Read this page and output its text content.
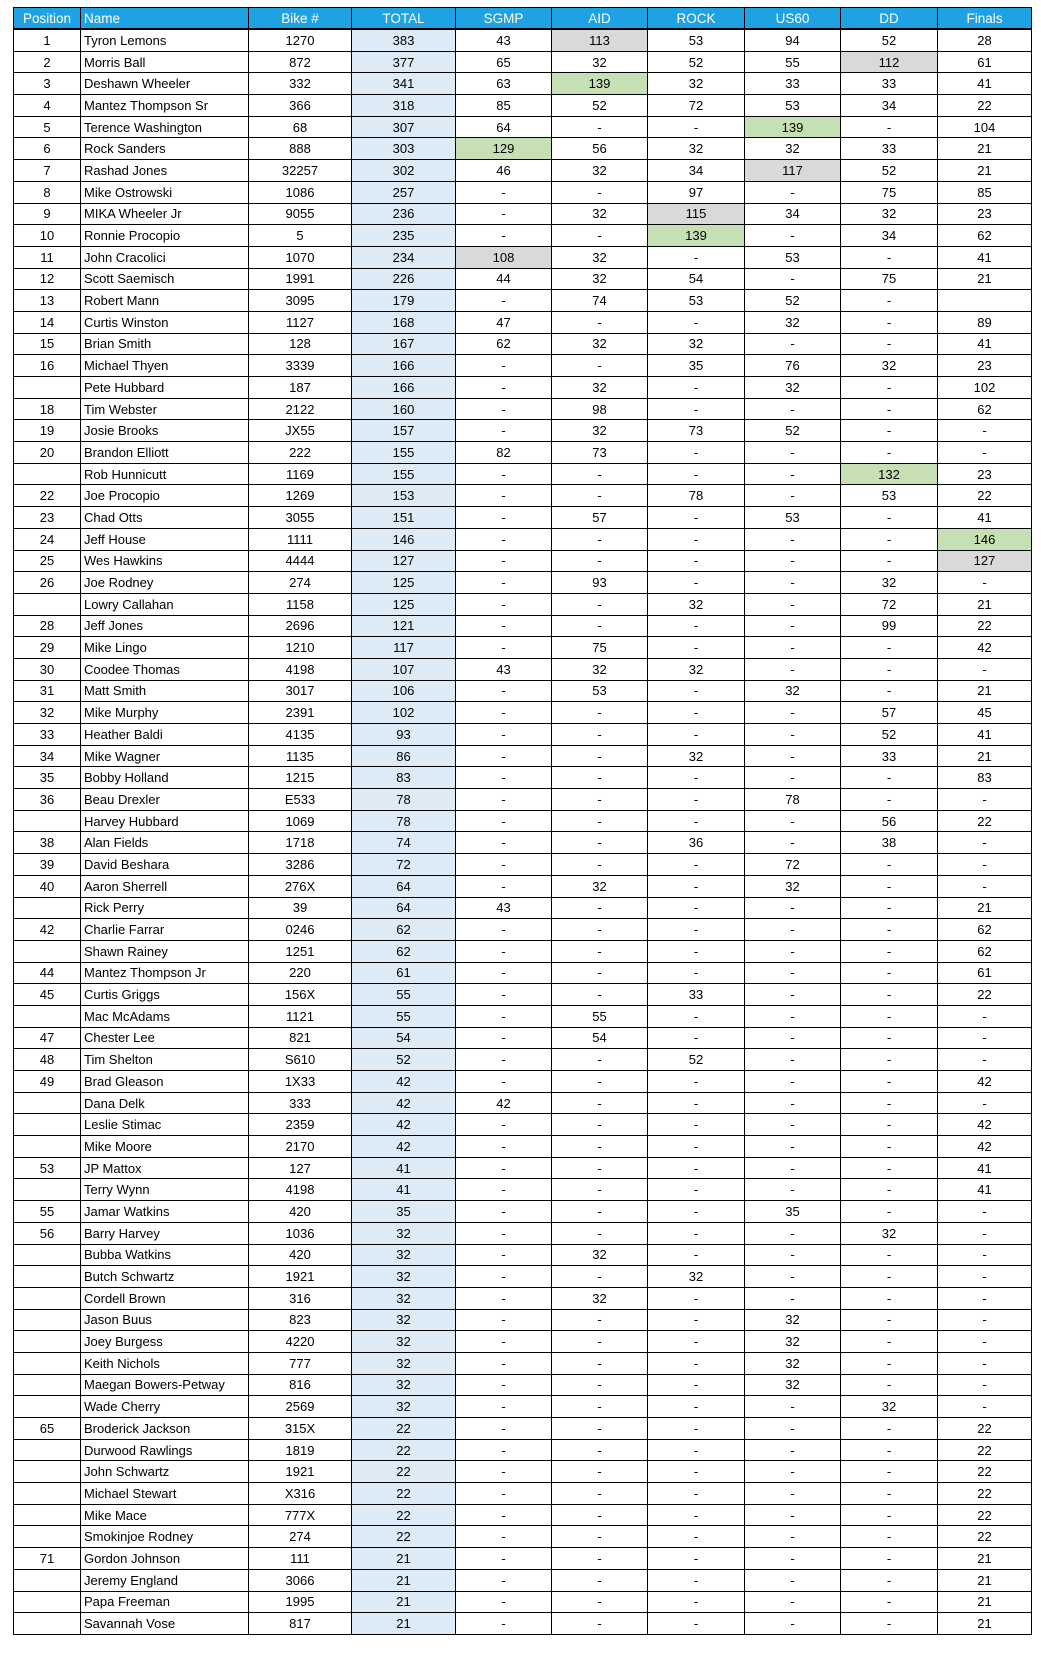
Position	Name	Bike #	TOTAL	SGMP	AID	ROCK	US60	DD	Finals
1	Tyron Lemons	1270	383	43	113	53	94	52	28
2	Morris Ball	872	377	65	32	52	55	112	61
3	Deshawn Wheeler	332	341	63	139	32	33	33	41
4	Mantez Thompson Sr	366	318	85	52	72	53	34	22
5	Terence Washington	68	307	64	-	-	139	-	104
6	Rock Sanders	888	303	129	56	32	32	33	21
7	Rashad Jones	32257	302	46	32	34	117	52	21
8	Mike Ostrowski	1086	257	-	-	97	-	75	85
9	MIKA Wheeler Jr	9055	236	-	32	115	34	32	23
10	Ronnie Procopio	5	235	-	-	139	-	34	62
11	John Cracolici	1070	234	108	32	-	53	-	41
12	Scott Saemisch	1991	226	44	32	54	-	75	21
13	Robert Mann	3095	179	-	74	53	52	-	
14	Curtis Winston	1127	168	47	-	-	32	-	89
15	Brian Smith	128	167	62	32	32	-	-	41
16	Michael Thyen	3339	166	-	-	35	76	32	23
	Pete Hubbard	187	166	-	32	-	32	-	102
18	Tim Webster	2122	160	-	98	-	-	-	62
19	Josie Brooks	JX55	157	-	32	73	52	-	-
20	Brandon Elliott	222	155	82	73	-	-	-	-
	Rob Hunnicutt	1169	155	-	-	-	-	132	23
22	Joe Procopio	1269	153	-	-	78	-	53	22
23	Chad Otts	3055	151	-	57	-	53	-	41
24	Jeff House	1111	146	-	-	-	-	-	146
25	Wes Hawkins	4444	127	-	-	-	-	-	127
26	Joe Rodney	274	125	-	93	-	-	32	-
	Lowry Callahan	1158	125	-	-	32	-	72	21
28	Jeff Jones	2696	121	-	-	-	-	99	22
29	Mike Lingo	1210	117	-	75	-	-	-	42
30	Coodee Thomas	4198	107	43	32	32	-	-	-
31	Matt Smith	3017	106	-	53	-	32	-	21
32	Mike Murphy	2391	102	-	-	-	-	57	45
33	Heather Baldi	4135	93	-	-	-	-	52	41
34	Mike Wagner	1135	86	-	-	32	-	33	21
35	Bobby Holland	1215	83	-	-	-	-	-	83
36	Beau Drexler	E533	78	-	-	-	78	-	-
	Harvey Hubbard	1069	78	-	-	-	-	56	22
38	Alan Fields	1718	74	-	-	36	-	38	-
39	David Beshara	3286	72	-	-	-	72	-	-
40	Aaron Sherrell	276X	64	-	32	-	32	-	-
	Rick Perry	39	64	43	-	-	-	-	21
42	Charlie Farrar	0246	62	-	-	-	-	-	62
	Shawn Rainey	1251	62	-	-	-	-	-	62
44	Mantez Thompson Jr	220	61	-	-	-	-	-	61
45	Curtis Griggs	156X	55	-	-	33	-	-	22
	Mac McAdams	1121	55	-	55	-	-	-	-
47	Chester Lee	821	54	-	54	-	-	-	-
48	Tim Shelton	S610	52	-	-	52	-	-	-
49	Brad Gleason	1X33	42	-	-	-	-	-	42
	Dana Delk	333	42	42	-	-	-	-	-
	Leslie Stimac	2359	42	-	-	-	-	-	42
	Mike Moore	2170	42	-	-	-	-	-	42
53	JP Mattox	127	41	-	-	-	-	-	41
	Terry Wynn	4198	41	-	-	-	-	-	41
55	Jamar Watkins	420	35	-	-	-	35	-	-
56	Barry Harvey	1036	32	-	-	-	-	32	-
	Bubba Watkins	420	32	-	32	-	-	-	-
	Butch Schwartz	1921	32	-	-	32	-	-	-
	Cordell Brown	316	32	-	32	-	-	-	-
	Jason Buus	823	32	-	-	-	32	-	-
	Joey Burgess	4220	32	-	-	-	32	-	-
	Keith Nichols	777	32	-	-	-	32	-	-
	Maegan Bowers-Petway	816	32	-	-	-	32	-	-
	Wade Cherry	2569	32	-	-	-	-	32	-
65	Broderick Jackson	315X	22	-	-	-	-	-	22
	Durwood Rawlings	1819	22	-	-	-	-	-	22
	John Schwartz	1921	22	-	-	-	-	-	22
	Michael Stewart	X316	22	-	-	-	-	-	22
	Mike Mace	777X	22	-	-	-	-	-	22
	Smokinjoe Rodney	274	22	-	-	-	-	-	22
71	Gordon Johnson	111	21	-	-	-	-	-	21
	Jeremy England	3066	21	-	-	-	-	-	21
	Papa Freeman	1995	21	-	-	-	-	-	21
	Savannah Vose	817	21	-	-	-	-	-	21
